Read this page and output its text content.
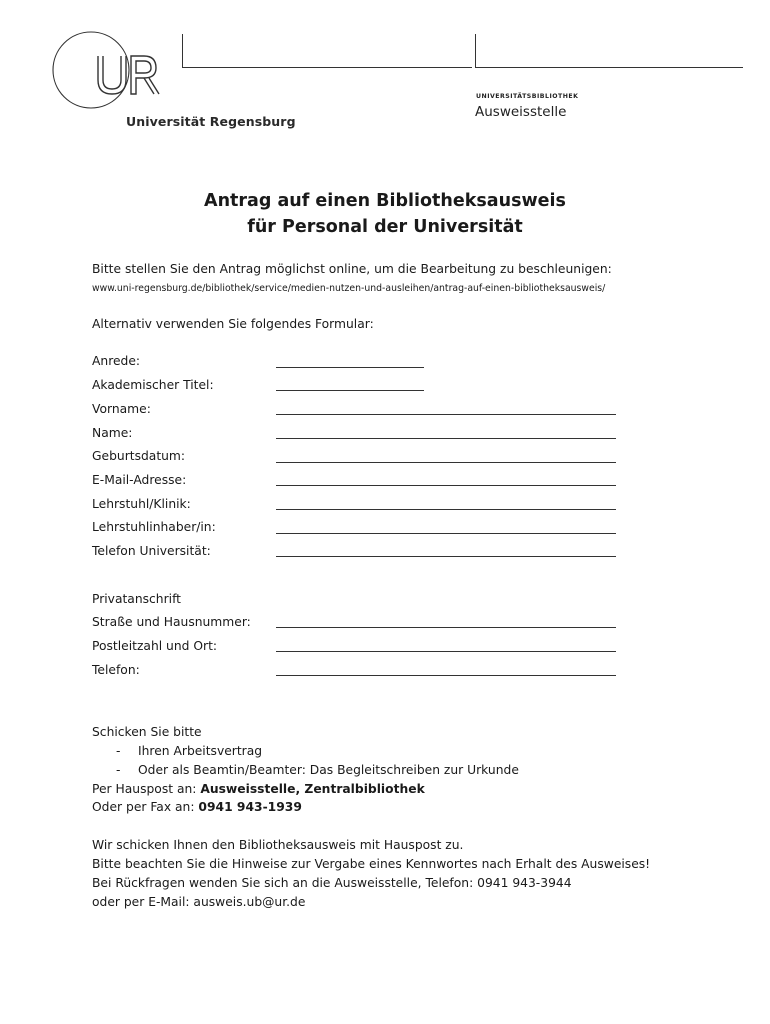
Universität Regensburg
UNIVERSITÄTSBIBLIOTHEK
Ausweisstelle
Antrag auf einen Bibliotheksausweis
für Personal der Universität
Bitte stellen Sie den Antrag möglichst online, um die Bearbeitung zu beschleunigen:
www.uni-regensburg.de/bibliothek/service/medien-nutzen-und-ausleihen/antrag-auf-einen-bibliotheksausweis/
Alternativ verwenden Sie folgendes Formular:
Anrede:
Akademischer Titel:
Vorname:
Name:
Geburtsdatum:
E-Mail-Adresse:
Lehrstuhl/Klinik:
Lehrstuhlinhaber/in:
Telefon Universität:
Privatanschrift
Straße und Hausnummer:
Postleitzahl und Ort:
Telefon:
Schicken Sie bitte
- Ihren Arbeitsvertrag
- Oder als Beamtin/Beamter: Das Begleitschreiben zur Urkunde
Per Hauspost an: Ausweisstelle, Zentralbibliothek
Oder per Fax an: 0941 943-1939
Wir schicken Ihnen den Bibliotheksausweis mit Hauspost zu.
Bitte beachten Sie die Hinweise zur Vergabe eines Kennwortes nach Erhalt des Ausweises!
Bei Rückfragen wenden Sie sich an die Ausweisstelle, Telefon: 0941 943-3944
oder per E-Mail: ausweis.ub@ur.de
